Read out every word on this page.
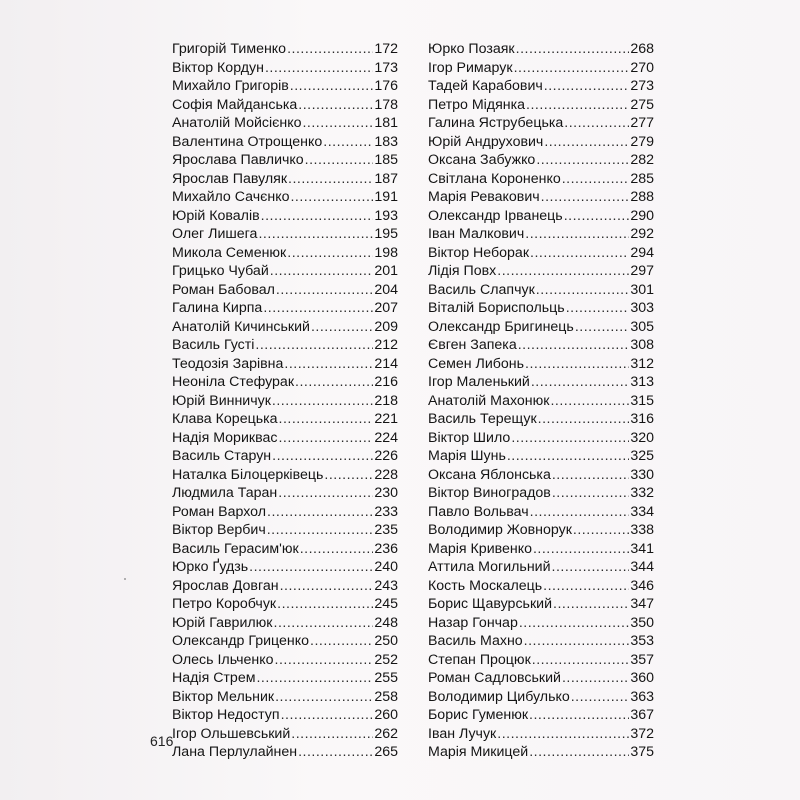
Григорій Тименко .....	172
Віктор Кордун .....	173
Михайло Григорів .....	176
Софія Майданська .....	178
Анатолій Мойсієнко .....	181
Валентина Отрощенко .....	183
Ярослава Павличко .....	185
Ярослав Павуляк .....	187
Михайло Сачєнко .....	191
Юрій Ковалів .....	193
Олег Лишега .....	195
Микола Семенюк .....	198
Грицько Чубай .....	201
Роман Бабовал .....	204
Галина Кирпа .....	207
Анатолій Кичинський .....	209
Василь Густі .....	212
Теодозія Зарівна .....	214
Неоніла Стефурак .....	216
Юрій Винничук .....	218
Клава Корецька .....	221
Надія Мориквас .....	224
Василь Старун .....	226
Наталка Білоцерківець .....	228
Людмила Таран .....	230
Роман Вархол .....	233
Віктор Вербич .....	235
Василь Герасим'юк .....	236
Юрко Ґудзь .....	240
Ярослав Довган .....	243
Петро Коробчук .....	245
Юрій Гаврилюк .....	248
Олександр Гриценко .....	250
Олесь Ільченко .....	252
Надія Стрем .....	255
Віктор Мельник .....	258
Віктор Недоступ .....	260
Ігор Ольшевський .....	262
Лана Перлулайнен .....	265
Юрко Позаяк .....	268
Ігор Римарук .....	270
Тадей Карабович .....	273
Петро Мідянка .....	275
Галина Яструбецька .....	277
Юрій Андрухович .....	279
Оксана Забужко .....	282
Світлана Короненко .....	285
Марія Ревакович .....	288
Олександр Ірванець .....	290
Іван Малкович .....	292
Віктор Неборак .....	294
Лідія Повх .....	297
Василь Слапчук .....	301
Віталій Бориспольць .....	303
Олександр Бригинець .....	305
Євген Запека .....	308
Семен Либонь .....	312
Ігор Маленький .....	313
Анатолій Махонюк .....	315
Василь Терещук .....	316
Віктор Шило .....	320
Марія Шунь .....	325
Оксана Яблонська .....	330
Віктор Виноградов .....	332
Павло Вольвач .....	334
Володимир Жовнорук .....	338
Марія Кривенко .....	341
Аттила Могильний .....	344
Кость Москалець .....	346
Борис Щавурський .....	347
Назар Гончар .....	350
Василь Махно .....	353
Степан Процюк .....	357
Роман Садловський .....	360
Володимир Цибулько .....	363
Борис Гуменюк .....	367
Іван Лучук .....	372
Марія Микицей .....	375
616
